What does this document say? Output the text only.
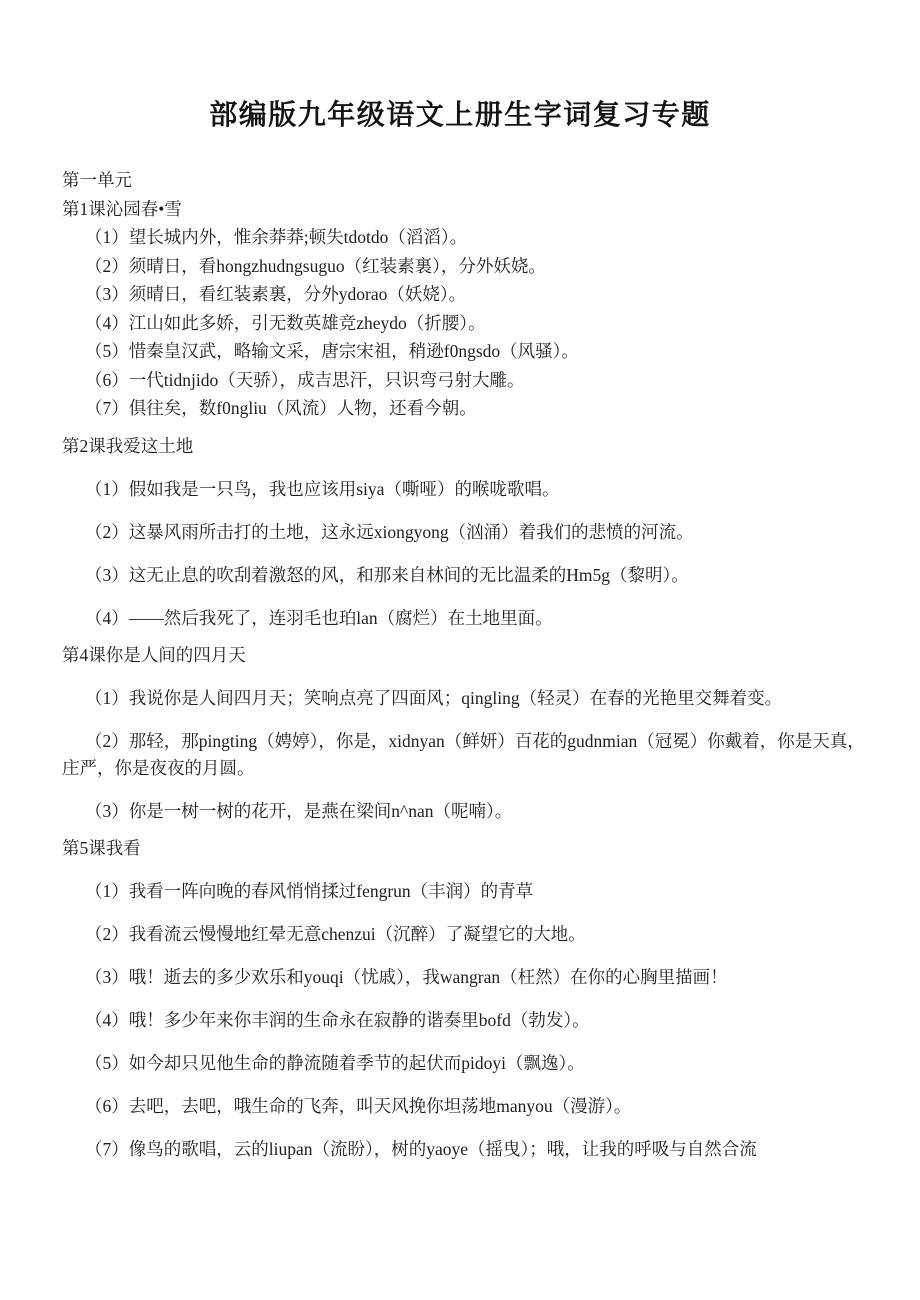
部编版九年级语文上册生字词复习专题
第一单元
第1课沁园春•雪

（1）望长城内外，惟余莽莽;顿失tdotdo（滔滔）。

（2）须晴日，看hongzhudngsuguo（红装素裏），分外妖娆。

（3）须晴日，看红装素裏，分外ydorao（妖娆）。

（4）江山如此多娇，引无数英雄竞zheydo（折腰）。

（5）惜秦皇汉武，略输文采，唐宗宋祖，稍逊f0ngsdo（风骚）。

（6）一代tidnjido（天骄），成吉思汗，只识弯弓射大雕。

（7）俱往矣，数f0ngliu（风流）人物，还看今朝。

第2课我爱这土地

（1）假如我是一只鸟，我也应该用siya（嘶哑）的喉咙歌唱。

（2）这暴风雨所击打的土地，这永远xiongyong（汹涌）着我们的悲愤的河流。

（3）这无止息的吹刮着激怒的风，和那来自林间的无比温柔的Hm5g（黎明）。

（4）——然后我死了，连羽毛也珀lan（腐烂）在土地里面。

第4课你是人间的四月天

（1）我说你是人间四月天；笑响点亮了四面风；qingling（轻灵）在春的光艳里交舞着变。

（2）那轻，那pingting（娉婷），你是，xidnyan（鲜妍）百花的gudnmian（冠冕）你戴着，你是天真，庄严，你是夜夜的月圆。

（3）你是一树一树的花开，是燕在梁间n^nan（呢喃）。

第5课我看

（1）我看一阵向晚的春风悄悄揉过fengrun（丰润）的青草

（2）我看流云慢慢地红晕无意chenzui（沉醉）了凝望它的大地。

（3）哦！逝去的多少欢乐和youqi（忧戚），我wangran（枉然）在你的心胸里描画！

（4）哦！多少年来你丰润的生命永在寂静的谐奏里bofd（勃发）。

（5）如今却只见他生命的静流随着季节的起伏而pidoyi（飘逸）。

（6）去吧，去吧，哦生命的飞奔，叫天风挽你坦荡地manyou（漫游）。

（7）像鸟的歌唱，云的liupan（流盼），树的yaoye（摇曳）；哦，让我的呼吸与自然合流
